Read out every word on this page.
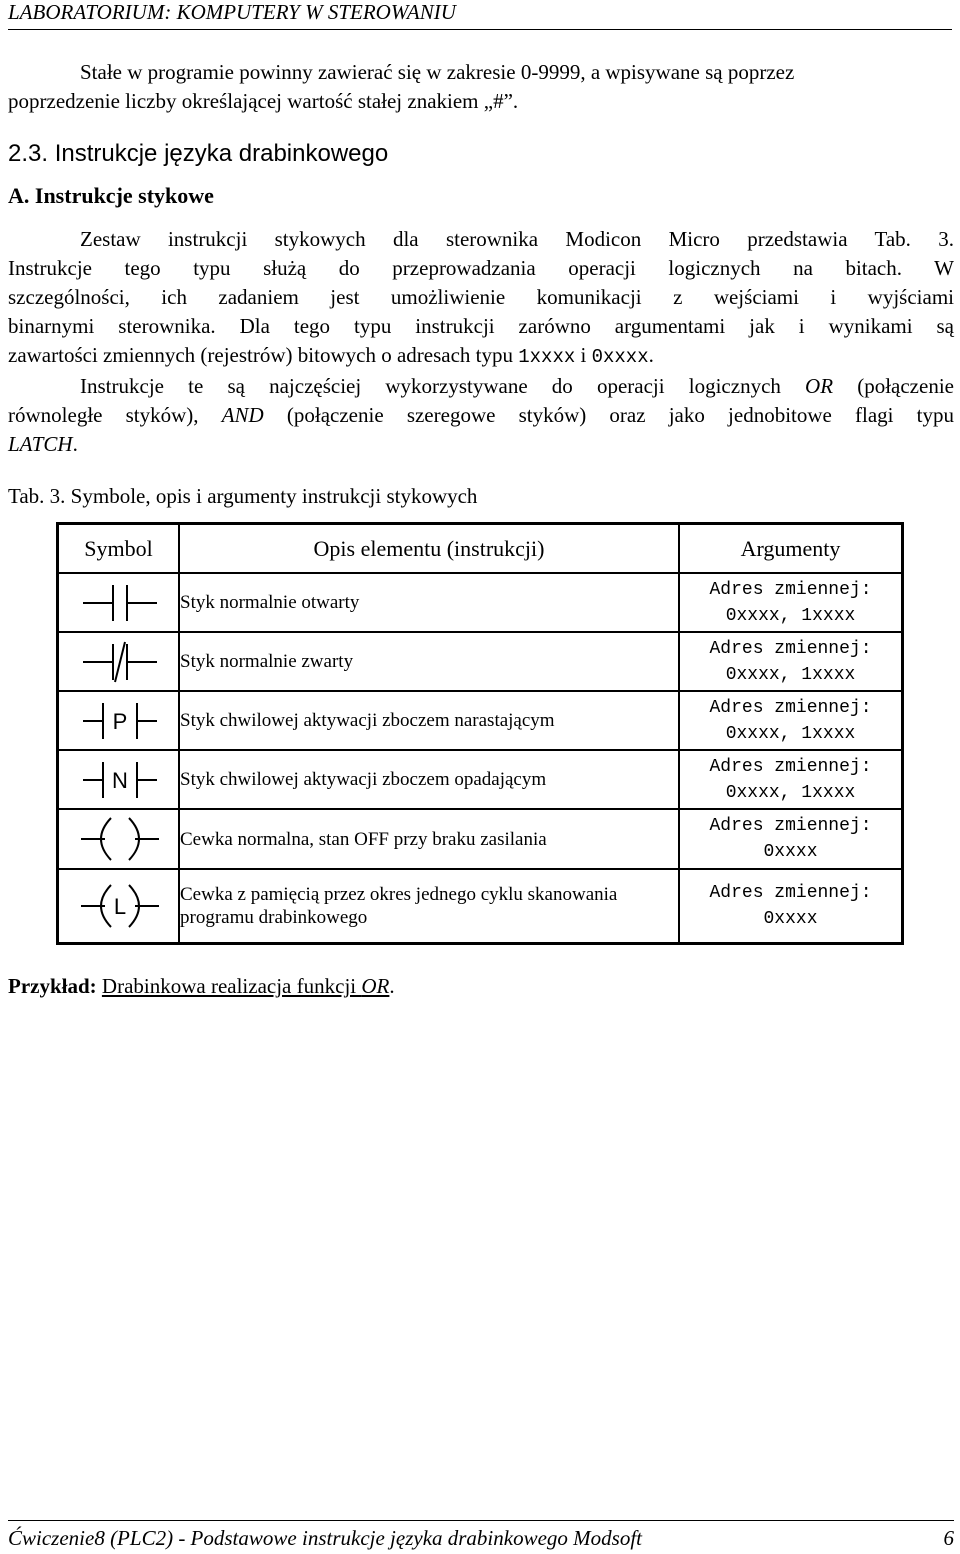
LABORATORIUM: KOMPUTERY W STEROWANIU

Stałe w programie powinny zawierać się w zakresie 0-9999, a wpisywane są poprzez
poprzedzenie liczby określającej wartość stałej znakiem „#”.

2.3. Instrukcje języka drabinkowego
A. Instrukcje stykowe
Zestaw instrukcji stykowych dla sterownika Modicon Micro przedstawia Tab. 3.
Instrukcje tego typu służą do przeprowadzania operacji logicznych na bitach. W
szczególności, ich zadaniem jest umożliwienie komunikacji z wejściami i wyjściami
binarnymi sterownika. Dla tego typu instrukcji zarówno argumentami jak i wynikami są
zawartości zmiennych (rejestrów) bitowych o adresach typu 1xxxx i 0xxxx.
Instrukcje te są najczęściej wykorzystywane do operacji logicznych OR (połączenie
równoległe styków), AND (połączenie szeregowe styków) oraz jako jednobitowe flagi typu
LATCH.
Tab. 3. Symbole, opis i argumenty instrukcji stykowych
Symbol	Opis elementu (instrukcji)	Argumenty

	Styk normalnie otwarty	Adres zmiennej:
0xxxx, 1xxxx

	Styk normalnie zwarty	Adres zmiennej:
0xxxx, 1xxxx

P	Styk chwilowej aktywacji zboczem narastającym	Adres zmiennej:
0xxxx, 1xxxx

N	Styk chwilowej aktywacji zboczem opadającym	Adres zmiennej:
0xxxx, 1xxxx

	Cewka normalna, stan OFF przy braku zasilania	Adres zmiennej:
0xxxx

L	Cewka z pamięcią przez okres jednego cyklu skanowania programu drabinkowego	Adres zmiennej:
0xxxx
Przykład: Drabinkowa realizacja funkcji OR.
Ćwiczenie8 (PLC2) - Podstawowe instrukcje języka drabinkowego Modsoft	6
